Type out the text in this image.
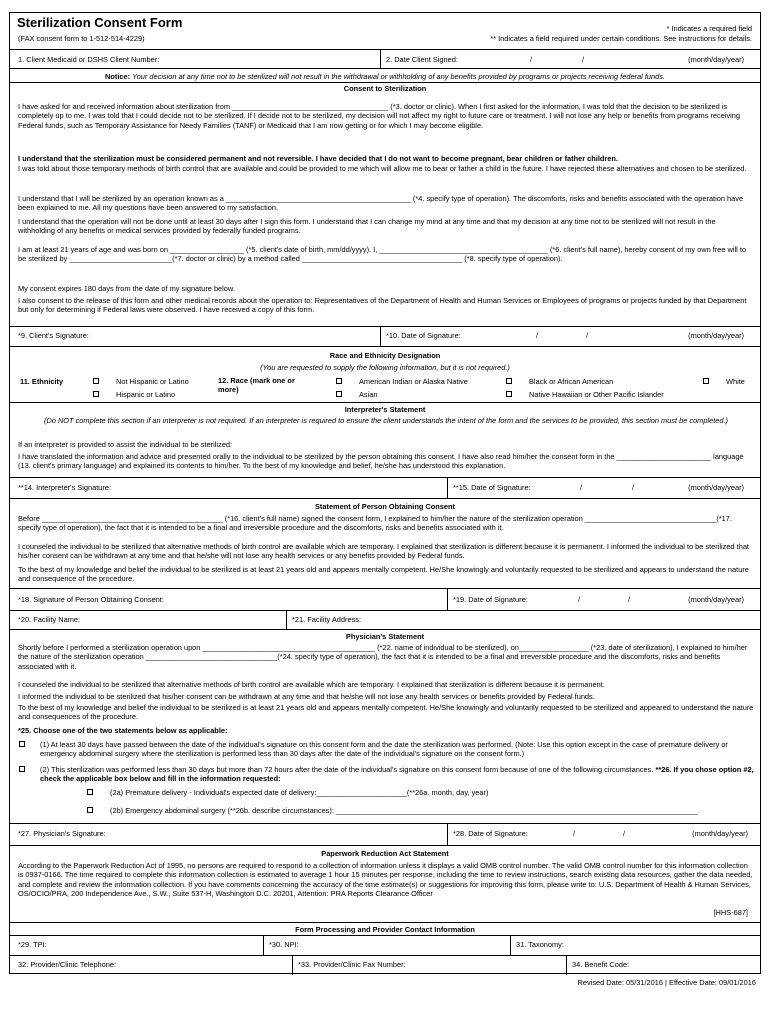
Sterilization Consent Form
(FAX consent form to 1-512-514-4229)
* Indicates a required field
** Indicates a field required under certain conditions. See instructions for details.
1. Client Medicaid or DSHS Client Number:	2. Date Client Signed:	/	/	(month/day/year)
Notice: Your decision at any time not to be sterilized will not result in the withdrawal or withholding of any benefits provided by programs or projects receiving federal funds.
Consent to Sterilization
I have asked for and received information about sterilization from ______________________________________ (*3. doctor or clinic). When I first asked for the information, I was told that the decision to be sterilized is completely up to me. I was told that I could decide not to be sterilized. If I decide not to be sterilized, my decision will not affect my right to future care or treatment. I will not lose any help or benefits from programs receiving Federal funds, such as Temporary Assistance for Needy Families (TANF) or Medicaid that I am now getting or for which I may become eligible.
I understand that the sterilization must be considered permanent and not reversible. I have decided that I do not want to become pregnant, bear children or father children.
I was told about those temporary methods of birth control that are available and could be provided to me which will allow me to bear or father a child in the future. I have rejected these alternatives and chosen to be sterilized.
I understand that I will be sterilized by an operation known as a _____________________________________________ (*4. specify type of operation). The discomforts, risks and benefits associated with the operation have been explained to me. All my questions have been answered to my satisfaction.
I understand that the operation will not be done until at least 30 days after I sign this form. I understand that I can change my mind at any time and that my decision at any time not to be sterilized will not result in the withholding of any benefits or medical services provided by federally funded programs.
I am at least 21 years of age and was born on __________________ (*5. client's date of birth, mm/dd/yyyy). I, _________________________________________ (*6. client's full name), hereby consent of my own free will to be sterilized by _________________________(*7. doctor or clinic) by a method called _______________________________________ (*8. specify type of operation).
My consent expires 180 days from the date of my signature below.
I also consent to the release of this form and other medical records about the operation to: Representatives of the Department of Health and Human Services or Employees of programs or projects funded by that Department but only for determining if Federal laws were observed. I have received a copy of this form.
*9. Client's Signature:	*10. Date of Signature:	/	/	(month/day/year)
Race and Ethnicity Designation
(You are requested to supply the following information, but it is not required.)
11. Ethnicity	Not Hispanic or Latino
Hispanic or Latino
12. Race (mark one or more)
American Indian or Alaska Native
Asian
Black or African American
Native Hawaiian or Other Pacific Islander
White
Interpreter's Statement
(Do NOT complete this section if an interpreter is not required. If an interpreter is required to ensure the client understands the intent of the form and the services to be provided, this section must be completed.)
If an interpreter is provided to assist the individual to be sterilized:
I have translated the information and advice and presented orally to the individual to be sterilized by the person obtaining this consent. I have also read him/her the consent form in the _______________________ language (13. client's primary language) and explained its contents to him/her. To the best of my knowledge and belief, he/she has understood this explanation.
**14. Interpreter's Signature:	**15. Date of Signature:	/	/	(month/day/year)
Statement of Person Obtaining Consent
Before ____________________________________________ (*16. client's full name) signed the consent form, I explained to him/her the nature of the sterilization operation ________________________________(*17. specify type of operation), the fact that it is intended to be a final and irreversible procedure and the discomforts, risks and benefits associated with it.
I counseled the individual to be sterilized that alternative methods of birth control are available which are temporary. I explained that sterilization is different because it is permanent. I informed the individual to be sterilized that his/her consent can be withdrawn at any time and that he/she will not lose any health services or any benefits provided by Federal funds.
To the best of my knowledge and belief the individual to be sterilized is at least 21 years old and appears mentally competent. He/She knowingly and voluntarily requested to be sterilized and appears to understand the nature and consequence of the procedure.
*18. Signature of Person Obtaining Consent:	*19. Date of Signature:	/	/	(month/day/year)
*20. Facility Name:	*21. Facility Address:
Physician's Statement
Shortly before I performed a sterilization operation upon __________________________________________ (*22. name of individual to be sterilized), on_________________ (*23. date of sterilization), I explained to him/her the nature of the sterilization operation ________________________________(*24. specify type of operation), the fact that it is intended to be a final and irreversible procedure and the discomforts, risks and benefits associated with it.
I counseled the individual to be sterilized that alternative methods of birth control are available which are temporary. I explained that sterilization is different because it is permanent.
I informed the individual to be sterilized that his/her consent can be withdrawn at any time and that he/she will not lose any health services or benefits provided by Federal funds.
To the best of my knowledge and belief the individual to be sterilized is at least 21 years old and appears mentally competent. He/She knowingly and voluntarily requested to be sterilized and appeared to understand the nature and consequences of the procedure.
*25. Choose one of the two statements below as applicable:
(1) At least 30 days have passed between the date of the individual's signature on this consent form and the date the sterilization was performed. (Note: Use this option except in the case of premature delivery or emergency abdominal surgery where the sterilization is performed less than 30 days after the date of the individual's signature on the consent form.)
(2) This sterilization was performed less than 30 days but more than 72 hours after the date of the individual's signature on this consent form because of one of the following circumstances. **26. If you chose option #2, check the applicable box below and fill in the information requested:
(2a) Premature delivery - Individual's expected date of delivery:______________________(**26a. month, day, year)
(2b) Emergency abdominal surgery (**26b. describe circumstances): ________________________________________________________________________________________
*27. Physician's Signature:	*28. Date of Signature:	/	/	(month/day/year)
Paperwork Reduction Act Statement
According to the Paperwork Reduction Act of 1995, no persons are required to respond to a collection of information unless it displays a valid OMB control number. The valid OMB control number for this information collection is 0937-0166. The time required to complete this information collection is estimated to average 1 hour 15 minutes per response, including the time to review instructions, search existing data resources, gather the data needed, and complete and review the information collection. If you have comments concerning the accuracy of the time estimate(s) or suggestions for improving this form, please write to: U.S. Department of Health & Human Services, OS/OCIO/PRA, 200 Independence Ave., S.W., Suite 537-H, Washington D.C. 20201, Attention: PRA Reports Clearance Officer
[HHS-687]
Form Processing and Provider Contact Information
*29. TPI:	*30. NPI:	31. Taxonomy:
32. Provider/Clinic Telephone:	*33. Provider/Clinic Fax Number:	34. Benefit Code:
Revised Date: 05/31/2016 | Effective Date: 09/01/2016
